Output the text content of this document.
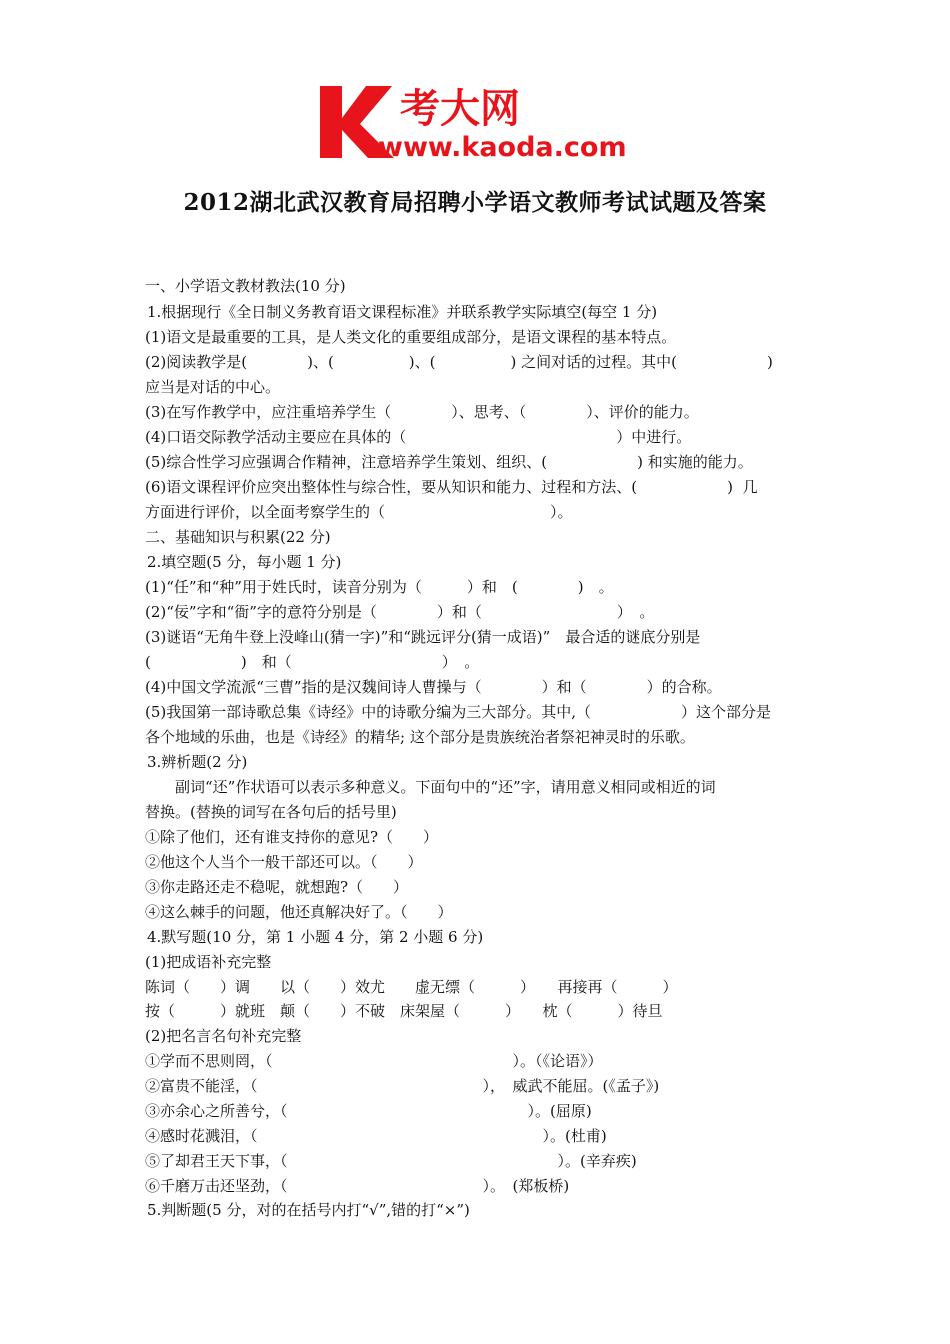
考大网
www.kaoda.com
2012湖北武汉教育局招聘小学语文教师考试试题及答案
一、小学语文教材教法(10 分)
1.根据现行《全日制义务教育语文课程标准》并联系教学实际填空(每空 1 分)
(1)语文是最重要的工具，是人类文化的重要组成部分，是语文课程的基本特点。
(2)阅读教学是(　　　　)、(　　　　　)、(　　　　　) 之间对话的过程。其中(　　　　　　)
应当是对话的中心。
(3)在写作教学中，应注重培养学生（　　　　）、思考、（　　　　）、评价的能力。
(4)口语交际教学活动主要应在具体的（　　　　　　　　　　　　　　）中进行。
(5)综合性学习应强调合作精神，注意培养学生策划、组织、(　　　　　　) 和实施的能力。
(6)语文课程评价应突出整体性与综合性，要从知识和能力、过程和方法、(　　　　　　)  几
方面进行评价，以全面考察学生的（　　　　　　　　　　　）。
二、基础知识与积累(22 分)
2.填空题(5 分，每小题 1 分)
(1)“任”和“种”用于姓氏时，读音分别为（　　　）和　(　　　　)　。
(2)“佞”字和“衙”字的意符分别是（　　　　）和（　　　　　　　　　）　。
(3)谜语“无角牛登上没峰山(猜一字)”和“跳远评分(猜一成语)”　最合适的谜底分别是
(　　　　　　)　和（　　　　　　　　　　）　。
(4)中国文学流派“三曹”指的是汉魏间诗人曹操与（　　　　）和（　　　　）的合称。
(5)我国第一部诗歌总集《诗经》中的诗歌分编为三大部分。其中,（　　　　　　）这个部分是
各个地域的乐曲，也是《诗经》的精华; 这个部分是贵族统治者祭祀神灵时的乐歌。
3.辨析题(2 分)
　　副词“还”作状语可以表示多种意义。下面句中的“还”字，请用意义相同或相近的词
替换。(替换的词写在各句后的括号里)
①除了他们，还有谁支持你的意见?（　　）
②他这个人当个一般干部还可以。（　　）
③你走路还走不稳呢，就想跑?（　　）
④这么棘手的问题，他还真解决好了。（　　）
4.默写题(10 分，第 1 小题 4 分，第 2 小题 6 分)
(1)把成语补充完整
陈词（　　）调　　以（　　）效尤　　虚无缥（　　　）　　再接再（　　　）
按（　　　）就班　颠（　　）不破　床架屋（　　　）　　枕（　　　）待旦
(2)把名言名句补充完整
①学而不思则罔，（　　　　　　　　　　　　　　　　）。（《论语》）
②富贵不能淫，（　　　　　　　　　　　　　　　），　威武不能屈。(《孟子》)
③亦余心之所善兮，（　　　　　　　　　　　　　　　　）。(屈原)
④感时花溅泪，（　　　　　　　　　　　　　　　　　　　）。(杜甫)
⑤了却君王天下事，（　　　　　　　　　　　　　　　　　　）。(辛弃疾)
⑥千磨万击还坚劲，（　　　　　　　　　　　　　）。　(郑板桥)
5.判断题(5 分，对的在括号内打“√”,错的打“×”)
